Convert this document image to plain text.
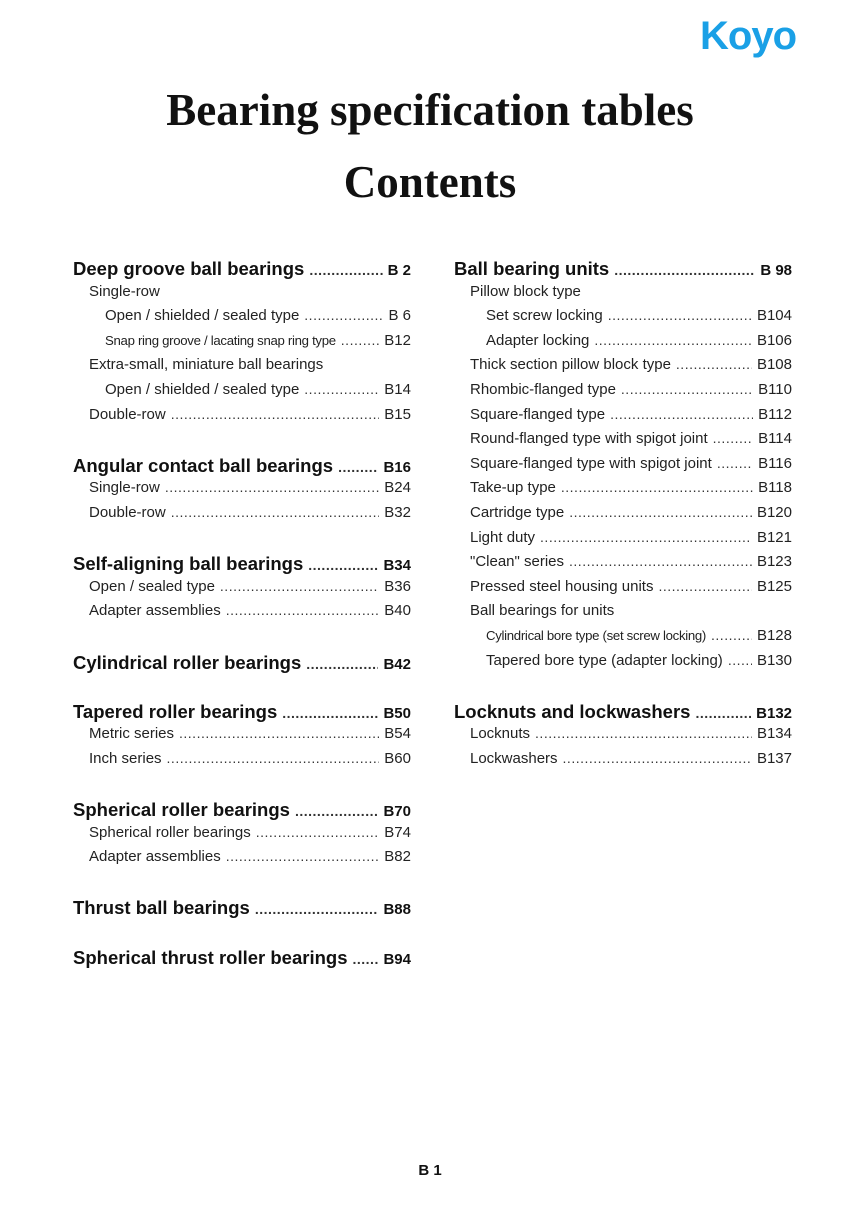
Koyo
Bearing specification tables
Contents
Deep groove ball bearings .....	B 2
Single-row
Open / shielded / sealed type .....	B 6
Snap ring groove / lacating snap ring type .....	B12
Extra-small, miniature ball bearings
Open / shielded / sealed type .....	B14
Double-row .....	B15
Angular contact ball bearings .....	B16
Single-row .....	B24
Double-row .....	B32
Self-aligning ball bearings .....	B34
Open / sealed type .....	B36
Adapter assemblies .....	B40
Cylindrical roller bearings .....	B42
Tapered roller bearings .....	B50
Metric series .....	B54
Inch series .....	B60
Spherical roller bearings .....	B70
Spherical roller bearings .....	B74
Adapter assemblies .....	B82
Thrust ball bearings .....	B88
Spherical thrust roller bearings ..... B94
Ball bearing units .....	B 98
Pillow block type
Set screw locking .....	B104
Adapter locking .....	B106
Thick section pillow block type .....	B108
Rhombic-flanged type .....	B110
Square-flanged type .....	B112
Round-flanged type with spigot joint .....	B114
Square-flanged type with spigot joint .....	B116
Take-up type .....	B118
Cartridge type .....	B120
Light duty .....	B121
"Clean" series .....	B123
Pressed steel housing units .....	B125
Ball bearings for units
Cylindrical bore type (set screw locking) .....	B128
Tapered bore type (adapter locking) ..... B130
Locknuts and lockwashers .....	B132
Locknuts .....	B134
Lockwashers .....	B137
B 1
